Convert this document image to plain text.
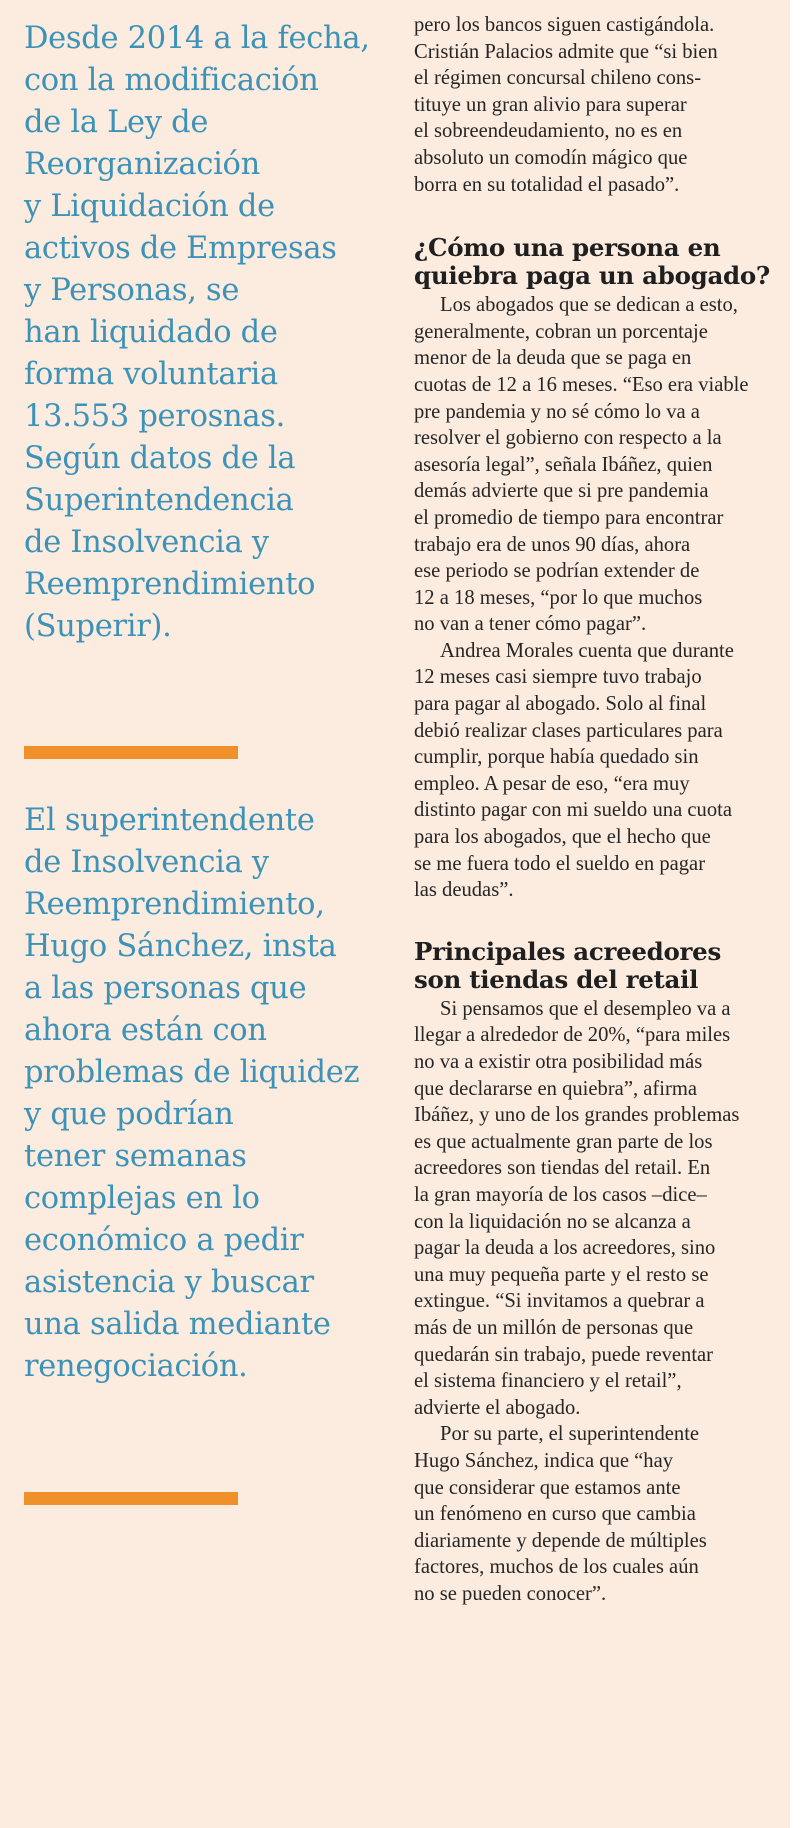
Desde 2014 a la fecha,
con la modificación
de la Ley de
Reorganización
y Liquidación de
activos de Empresas
y Personas, se
han liquidado de
forma voluntaria
13.553 perosnas.
Según datos de la
Superintendencia
de Insolvencia y
Reemprendimiento
(Superir).
El superintendente
de Insolvencia y
Reemprendimiento,
Hugo Sánchez, insta
a las personas que
ahora están con
problemas de liquidez
y que podrían
tener semanas
complejas en lo
económico a pedir
asistencia y buscar
una salida mediante
renegociación.

pero los bancos siguen castigándola.
Cristián Palacios admite que “si bien
el régimen concursal chileno cons-
tituye un gran alivio para superar
el sobreendeudamiento, no es en
absoluto un comodín mágico que
borra en su totalidad el pasado”.

¿Cómo una persona en
quiebra paga un abogado?

Los abogados que se dedican a esto,
generalmente, cobran un porcentaje
menor de la deuda que se paga en
cuotas de 12 a 16 meses. “Eso era viable
pre pandemia y no sé cómo lo va a
resolver el gobierno con respecto a la
asesoría legal”, señala Ibáñez, quien
demás advierte que si pre pandemia
el promedio de tiempo para encontrar
trabajo era de unos 90 días, ahora
ese periodo se podrían extender de
12 a 18 meses, “por lo que muchos
no van a tener cómo pagar”.

Andrea Morales cuenta que durante
12 meses casi siempre tuvo trabajo
para pagar al abogado. Solo al final
debió realizar clases particulares para
cumplir, porque había quedado sin
empleo. A pesar de eso, “era muy
distinto pagar con mi sueldo una cuota
para los abogados, que el hecho que
se me fuera todo el sueldo en pagar
las deudas”.

Principales acreedores
son tiendas del retail

Si pensamos que el desempleo va a
llegar a alrededor de 20%, “para miles
no va a existir otra posibilidad más
que declararse en quiebra”, afirma
Ibáñez, y uno de los grandes problemas
es que actualmente gran parte de los
acreedores son tiendas del retail. En
la gran mayoría de los casos –dice–
con la liquidación no se alcanza a
pagar la deuda a los acreedores, sino
una muy pequeña parte y el resto se
extingue. “Si invitamos a quebrar a
más de un millón de personas que
quedarán sin trabajo, puede reventar
el sistema financiero y el retail”,
advierte el abogado.

Por su parte, el superintendente
Hugo Sánchez, indica que “hay
que considerar que estamos ante
un fenómeno en curso que cambia
diariamente y depende de múltiples
factores, muchos de los cuales aún
no se pueden conocer”.
